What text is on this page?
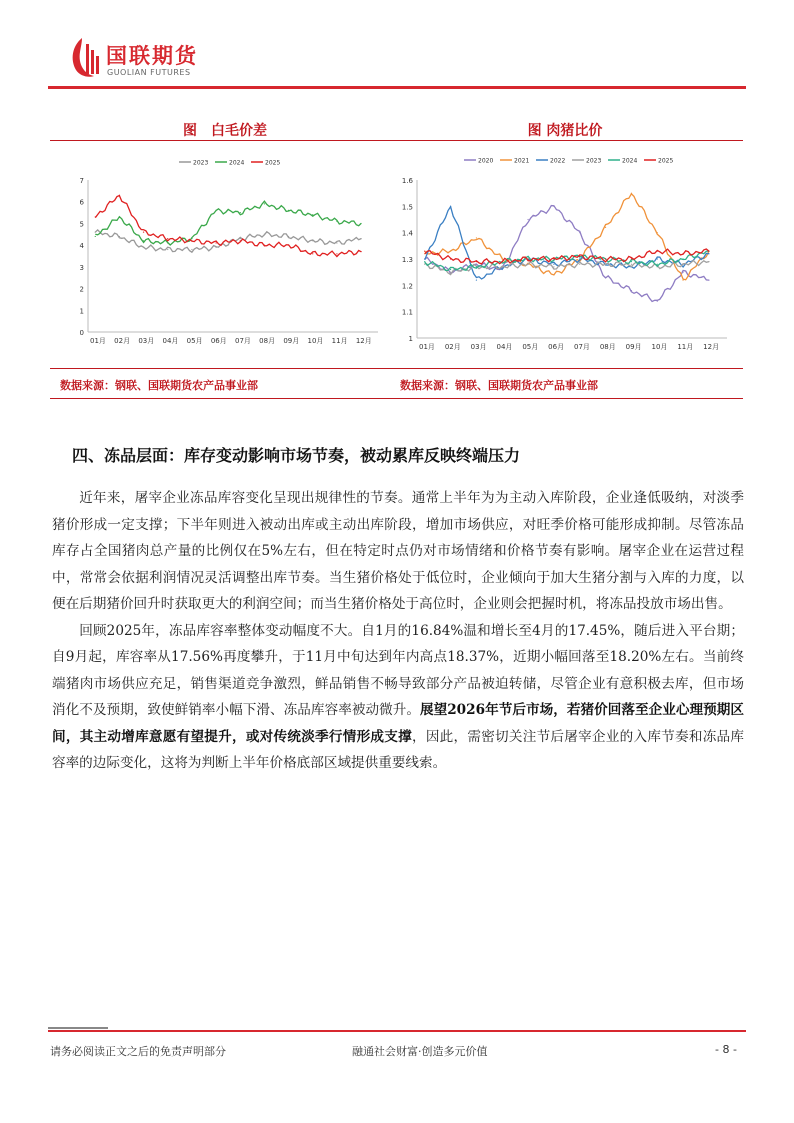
国联期货
GUOLIAN FUTURES
图　白毛价差	图 肉猪比价
0
1
2
3
4
5
6
7
01月 02月 03月 04月 05月 06月 07月 08月 09月 10月 11月 12月
2023	2024	2025
1
1.1
1.2
1.3
1.4
1.5
1.6
01月 02月 03月 04月 05月 06月 07月 08月 09月 10月 11月 12月
2020	2021	2022	2023	2024	2025
数据来源：钢联、国联期货农产品事业部	数据来源：钢联、国联期货农产品事业部
四、冻品层面：库存变动影响市场节奏，被动累库反映终端压力

近年来，屠宰企业冻品库容变化呈现出规律性的节奏。通常上半年为为主动入库阶段，企业逢低吸纳，对淡季猪价形成一定支撑；下半年则进入被动出库或主动出库阶段，增加市场供应，对旺季价格可能形成抑制。尽管冻品库存占全国猪肉总产量的比例仅在5%左右，但在特定时点仍对市场情绪和价格节奏有影响。屠宰企业在运营过程中，常常会依据利润情况灵活调整出库节奏。当生猪价格处于低位时，企业倾向于加大生猪分割与入库的力度，以便在后期猪价回升时获取更大的利润空间；而当生猪价格处于高位时，企业则会把握时机，将冻品投放市场出售。

回顾2025年，冻品库容率整体变动幅度不大。自1月的16.84%温和增长至4月的17.45%，随后进入平台期；自9月起，库容率从17.56%再度攀升，于11月中旬达到年内高点18.37%，近期小幅回落至18.20%左右。当前终端猪肉市场供应充足，销售渠道竞争激烈，鲜品销售不畅导致部分产品被迫转储，尽管企业有意积极去库，但市场消化不及预期，致使鲜销率小幅下滑、冻品库容率被动微升。展望2026年节后市场，若猪价回落至企业心理预期区间，其主动增库意愿有望提升，或对传统淡季行情形成支撑，因此，需密切关注节后屠宰企业的入库节奏和冻品库容率的边际变化，这将为判断上半年价格底部区域提供重要线索。

请务必阅读正文之后的免责声明部分	融通社会财富·创造多元价值	- 8 -
